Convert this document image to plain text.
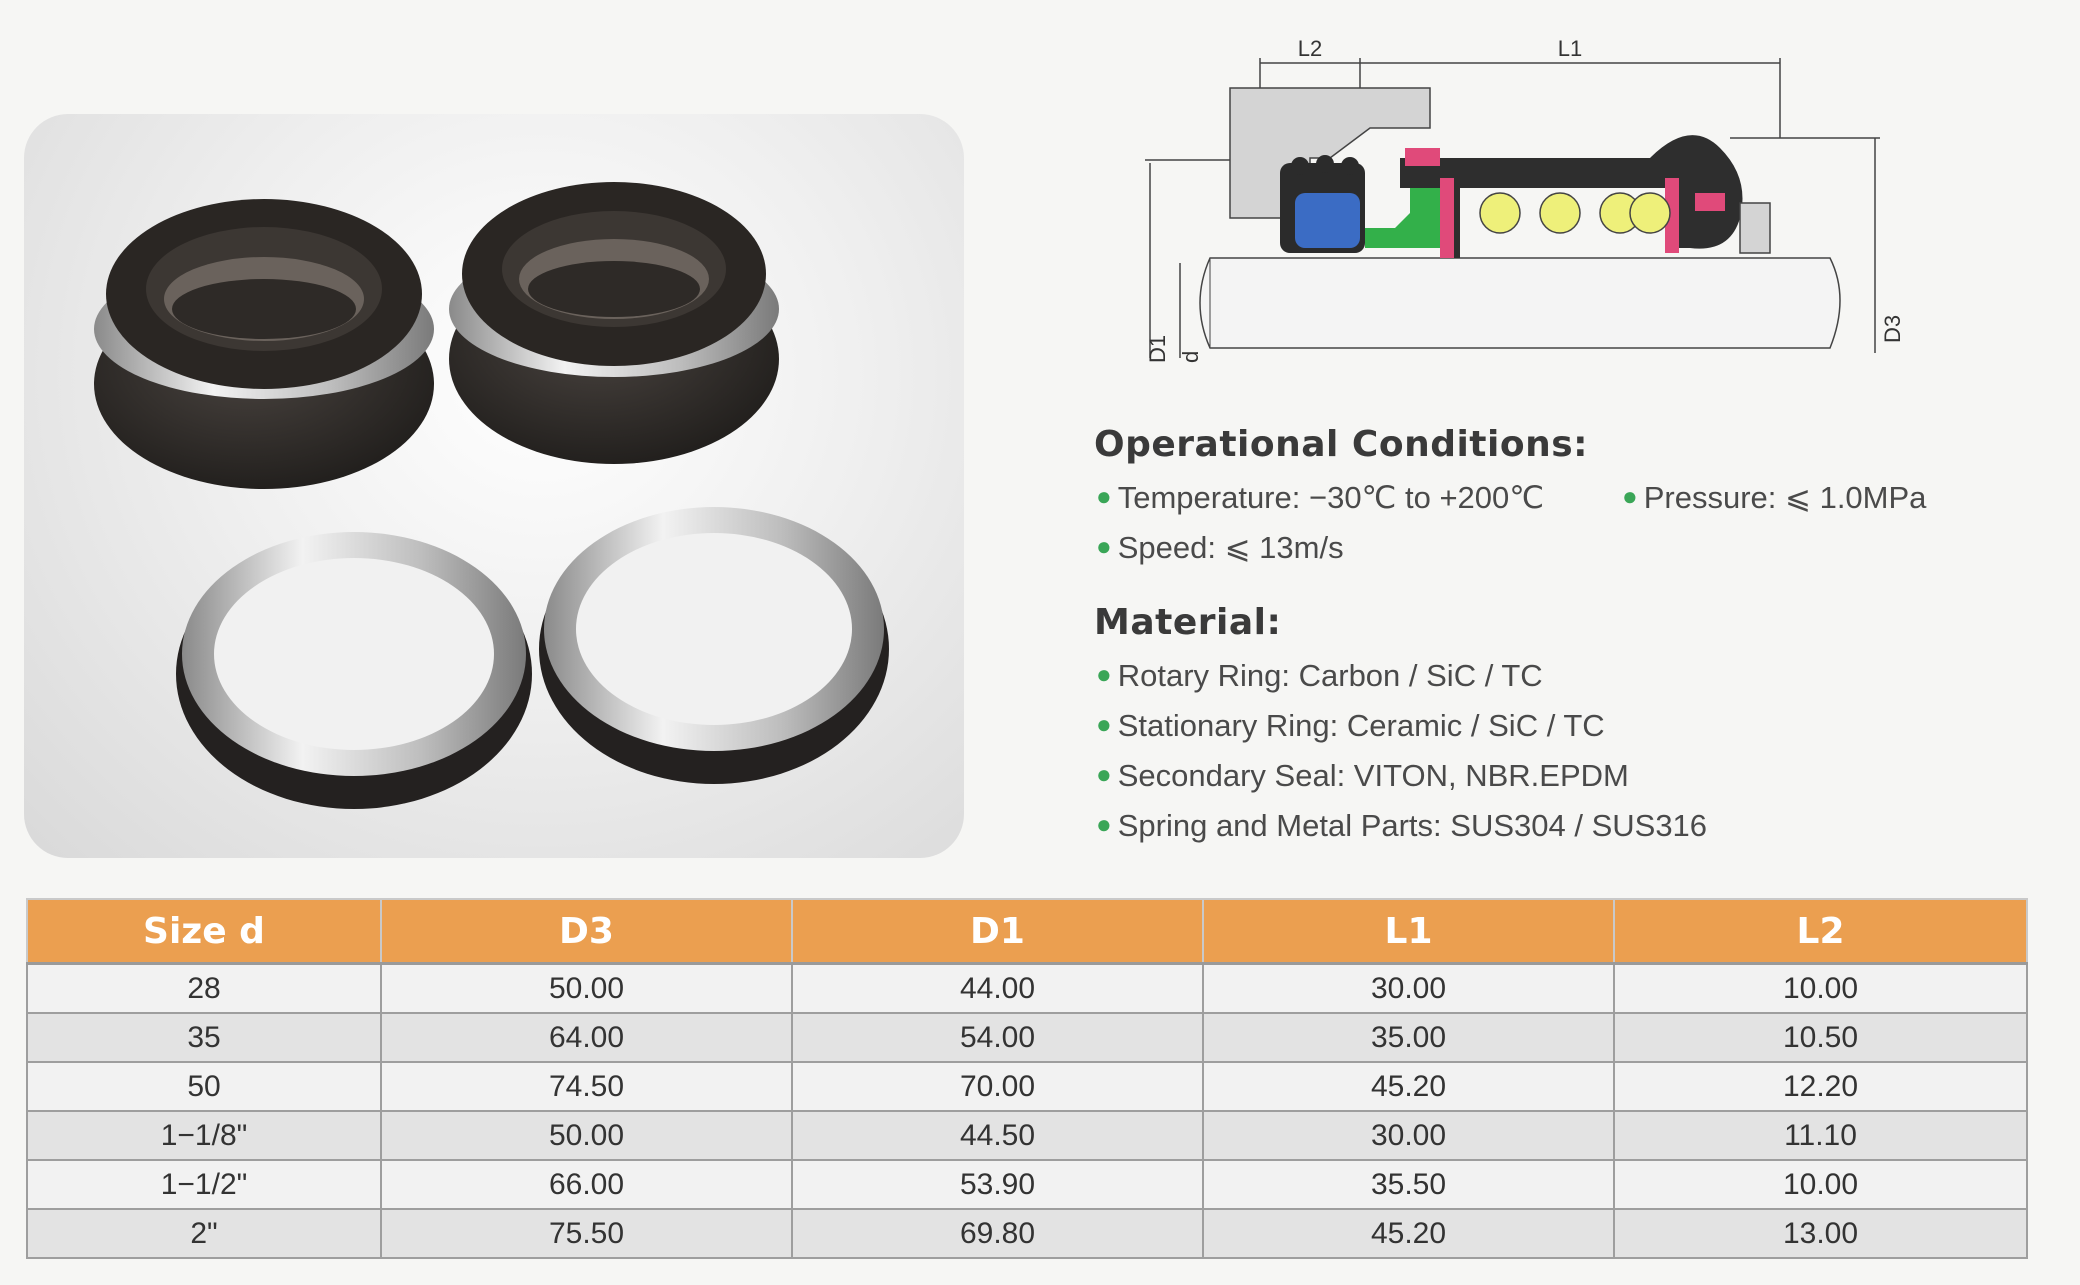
L2	L1
D1 d
D3
Operational Conditions:
● Temperature: −30℃ to +200℃	● Pressure: ⩽ 1.0MPa
● Speed: ⩽ 13m/s
Material:
● Rotary Ring: Carbon / SiC / TC
● Stationary Ring: Ceramic / SiC / TC
● Secondary Seal: VITON, NBR.EPDM
● Spring and Metal Parts: SUS304 / SUS316
Size d	D3	D1	L1	L2
28	50.00	44.00	30.00	10.00
35	64.00	54.00	35.00	10.50
50	74.50	70.00	45.20	12.20
1−1/8"	50.00	44.50	30.00	11.10
1−1/2"	66.00	53.90	35.50	10.00
2"	75.50	69.80	45.20	13.00
